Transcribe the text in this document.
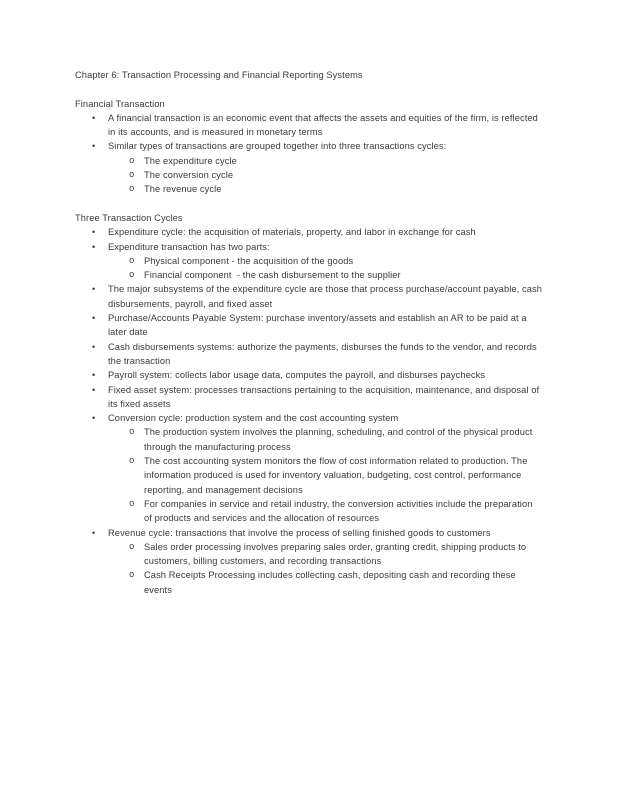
Chapter 6: Transaction Processing and Financial Reporting Systems

Financial Transaction

• A financial transaction is an economic event that affects the assets and equities of the firm, is reflected in its accounts, and is measured in monetary terms
• Similar types of transactions are grouped together into three transactions cycles:
o The expenditure cycle
o The conversion cycle
o The revenue cycle

Three Transaction Cycles

• Expenditure cycle: the acquisition of materials, property, and labor in exchange for cash
• Expenditure transaction has two parts:
o Physical component - the acquisition of the goods
o Financial component  - the cash disbursement to the supplier
• The major subsystems of the expenditure cycle are those that process purchase/account payable, cash disbursements, payroll, and fixed asset
• Purchase/Accounts Payable System: purchase inventory/assets and establish an AR to be paid at a later date
• Cash disbursements systems: authorize the payments, disburses the funds to the vendor, and records the transaction
• Payroll system: collects labor usage data, computes the payroll, and disburses paychecks
• Fixed asset system: processes transactions pertaining to the acquisition, maintenance, and disposal of its fixed assets
• Conversion cycle: production system and the cost accounting system
o The production system involves the planning, scheduling, and control of the physical product through the manufacturing process
o The cost accounting system monitors the flow of cost information related to production. The information produced is used for inventory valuation, budgeting, cost control, performance reporting, and management decisions
o For companies in service and retail industry, the conversion activities include the preparation of products and services and the allocation of resources
• Revenue cycle: transactions that involve the process of selling finished goods to customers
o Sales order processing involves preparing sales order, granting credit, shipping products to customers, billing customers, and recording transactions
o Cash Receipts Processing includes collecting cash, depositing cash and recording these events
